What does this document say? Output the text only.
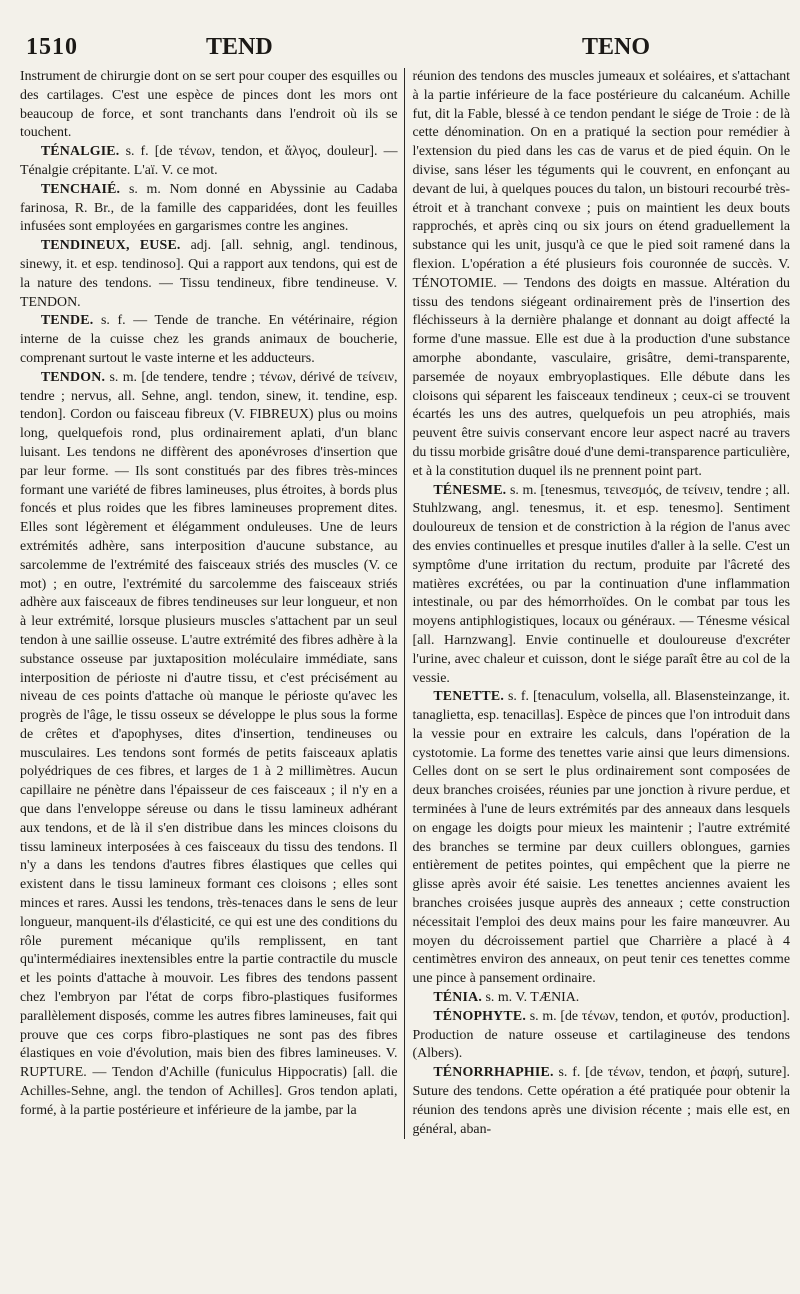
1510	TEND	TENO

Instrument de chirurgie dont on se sert pour couper des esquilles ou des cartilages. C'est une espèce de pinces dont les mors ont beaucoup de force, et sont tranchants dans l'endroit où ils se touchent.

TÉNALGIE. s. f. [de τένων, tendon, et ἄλγος, douleur]. — Ténalgie crépitante. L'aï. V. ce mot.

TENCHAIÉ. s. m. Nom donné en Abyssinie au Cadaba farinosa, R. Br., de la famille des capparidées, dont les feuilles infusées sont employées en gargarismes contre les angines.

TENDINEUX, EUSE. adj. [all. sehnig, angl. tendinous, sinewy, it. et esp. tendinoso]. Qui a rapport aux tendons, qui est de la nature des tendons. — Tissu tendineux, fibre tendineuse. V. TENDON.

TENDE. s. f. — Tende de tranche. En vétérinaire, région interne de la cuisse chez les grands animaux de boucherie, comprenant surtout le vaste interne et les adducteurs.

TENDON. s. m. [de tendere, tendre ; τένων, dérivé de τείνειν, tendre ; nervus, all. Sehne, angl. tendon, sinew, it. tendine, esp. tendon]. Cordon ou faisceau fibreux (V. FIBREUX) plus ou moins long, quelquefois rond, plus ordinairement aplati, d'un blanc luisant. Les tendons ne diffèrent des aponévroses d'insertion que par leur forme. — Ils sont constitués par des fibres très-minces formant une variété de fibres lamineuses, plus étroites, à bords plus foncés et plus roides que les fibres lamineuses proprement dites. Elles sont légèrement et élégamment onduleuses. Une de leurs extrémités adhère, sans interposition d'aucune substance, au sarcolemme de l'extrémité des faisceaux striés des muscles (V. ce mot) ; en outre, l'extrémité du sarcolemme des faisceaux striés adhère aux faisceaux de fibres tendineuses sur leur longueur, et non à leur extrémité, lorsque plusieurs muscles s'attachent par un seul tendon à une saillie osseuse. L'autre extrémité des fibres adhère à la substance osseuse par juxtaposition moléculaire immédiate, sans interposition de périoste ni d'autre tissu, et c'est précisément au niveau de ces points d'attache où manque le périoste qu'avec les progrès de l'âge, le tissu osseux se développe le plus sous la forme de crêtes et d'apophyses, dites d'insertion, tendineuses ou musculaires. Les tendons sont formés de petits faisceaux aplatis polyédriques de ces fibres, et larges de 1 à 2 millimètres. Aucun capillaire ne pénètre dans l'épaisseur de ces faisceaux ; il n'y en a que dans l'enveloppe séreuse ou dans le tissu lamineux adhérant aux tendons, et de là il s'en distribue dans les minces cloisons du tissu lamineux interposées à ces faisceaux du tissu des tendons. Il n'y a dans les tendons d'autres fibres élastiques que celles qui existent dans le tissu lamineux formant ces cloisons ; elles sont minces et rares. Aussi les tendons, très-tenaces dans le sens de leur longueur, manquent-ils d'élasticité, ce qui est une des conditions du rôle purement mécanique qu'ils remplissent, en tant qu'intermédiaires inextensibles entre la partie contractile du muscle et les points d'attache à mouvoir. Les fibres des tendons passent chez l'embryon par l'état de corps fibro-plastiques fusiformes parallèlement disposés, comme les autres fibres lamineuses, fait qui prouve que ces corps fibro-plastiques ne sont pas des fibres élastiques en voie d'évolution, mais bien des fibres lamineuses. V. RUPTURE. — Tendon d'Achille (funiculus Hippocratis) [all. die Achilles-Sehne, angl. the tendon of Achilles]. Gros tendon aplati, formé, à la partie postérieure et inférieure de la jambe, par la

réunion des tendons des muscles jumeaux et soléaires, et s'attachant à la partie inférieure de la face postérieure du calcanéum. Achille fut, dit la Fable, blessé à ce tendon pendant le siége de Troie : de là cette dénomination. On en a pratiqué la section pour remédier à l'extension du pied dans les cas de varus et de pied équin. On le divise, sans léser les téguments qui le couvrent, en enfonçant au devant de lui, à quelques pouces du talon, un bistouri recourbé très-étroit et à tranchant convexe ; puis on maintient les deux bouts rapprochés, et après cinq ou six jours on étend graduellement la substance qui les unit, jusqu'à ce que le pied soit ramené dans la flexion. L'opération a été plusieurs fois couronnée de succès. V. TÉNOTOMIE. — Tendons des doigts en massue. Altération du tissu des tendons siégeant ordinairement près de l'insertion des fléchisseurs à la dernière phalange et donnant au doigt affecté la forme d'une massue. Elle est due à la production d'une substance amorphe abondante, vasculaire, grisâtre, demi-transparente, parsemée de noyaux embryoplastiques. Elle débute dans les cloisons qui séparent les faisceaux tendineux ; ceux-ci se trouvent écartés les uns des autres, quelquefois un peu atrophiés, mais peuvent être suivis conservant encore leur aspect nacré au travers du tissu morbide grisâtre doué d'une demi-transparence particulière, et à la constitution duquel ils ne prennent point part.

TÉNESME. s. m. [tenesmus, τεινεσμός, de τείνειν, tendre ; all. Stuhlzwang, angl. tenesmus, it. et esp. tenesmo]. Sentiment douloureux de tension et de constriction à la région de l'anus avec des envies continuelles et presque inutiles d'aller à la selle. C'est un symptôme d'une irritation du rectum, produite par l'âcreté des matières excrétées, ou par la continuation d'une inflammation intestinale, ou par des hémorrhoïdes. On le combat par tous les moyens antiphlogistiques, locaux ou généraux. — Ténesme vésical [all. Harnzwang]. Envie continuelle et douloureuse d'excréter l'urine, avec chaleur et cuisson, dont le siége paraît être au col de la vessie.

TENETTE. s. f. [tenaculum, volsella, all. Blasensteinzange, it. tanaglietta, esp. tenacillas]. Espèce de pinces que l'on introduit dans la vessie pour en extraire les calculs, dans l'opération de la cystotomie. La forme des tenettes varie ainsi que leurs dimensions. Celles dont on se sert le plus ordinairement sont composées de deux branches croisées, réunies par une jonction à rivure perdue, et terminées à l'une de leurs extrémités par des anneaux dans lesquels on engage les doigts pour mieux les maintenir ; l'autre extrémité des branches se termine par deux cuillers oblongues, garnies entièrement de petites pointes, qui empêchent que la pierre ne glisse après avoir été saisie. Les tenettes anciennes avaient les branches croisées jusque auprès des anneaux ; cette construction nécessitait l'emploi des deux mains pour les faire manœuvrer. Au moyen du décroissement partiel que Charrière a placé à 4 centimètres environ des anneaux, on peut tenir ces tenettes comme une pince à pansement ordinaire.

TÉNIA. s. m. V. TÆNIA.

TÉNOPHYTE. s. m. [de τένων, tendon, et φυτόν, production]. Production de nature osseuse et cartilagineuse des tendons (Albers).

TÉNORRHAPHIE. s. f. [de τένων, tendon, et ῥαφή, suture]. Suture des tendons. Cette opération a été pratiquée pour obtenir la réunion des tendons après une division récente ; mais elle est, en général, aban-
